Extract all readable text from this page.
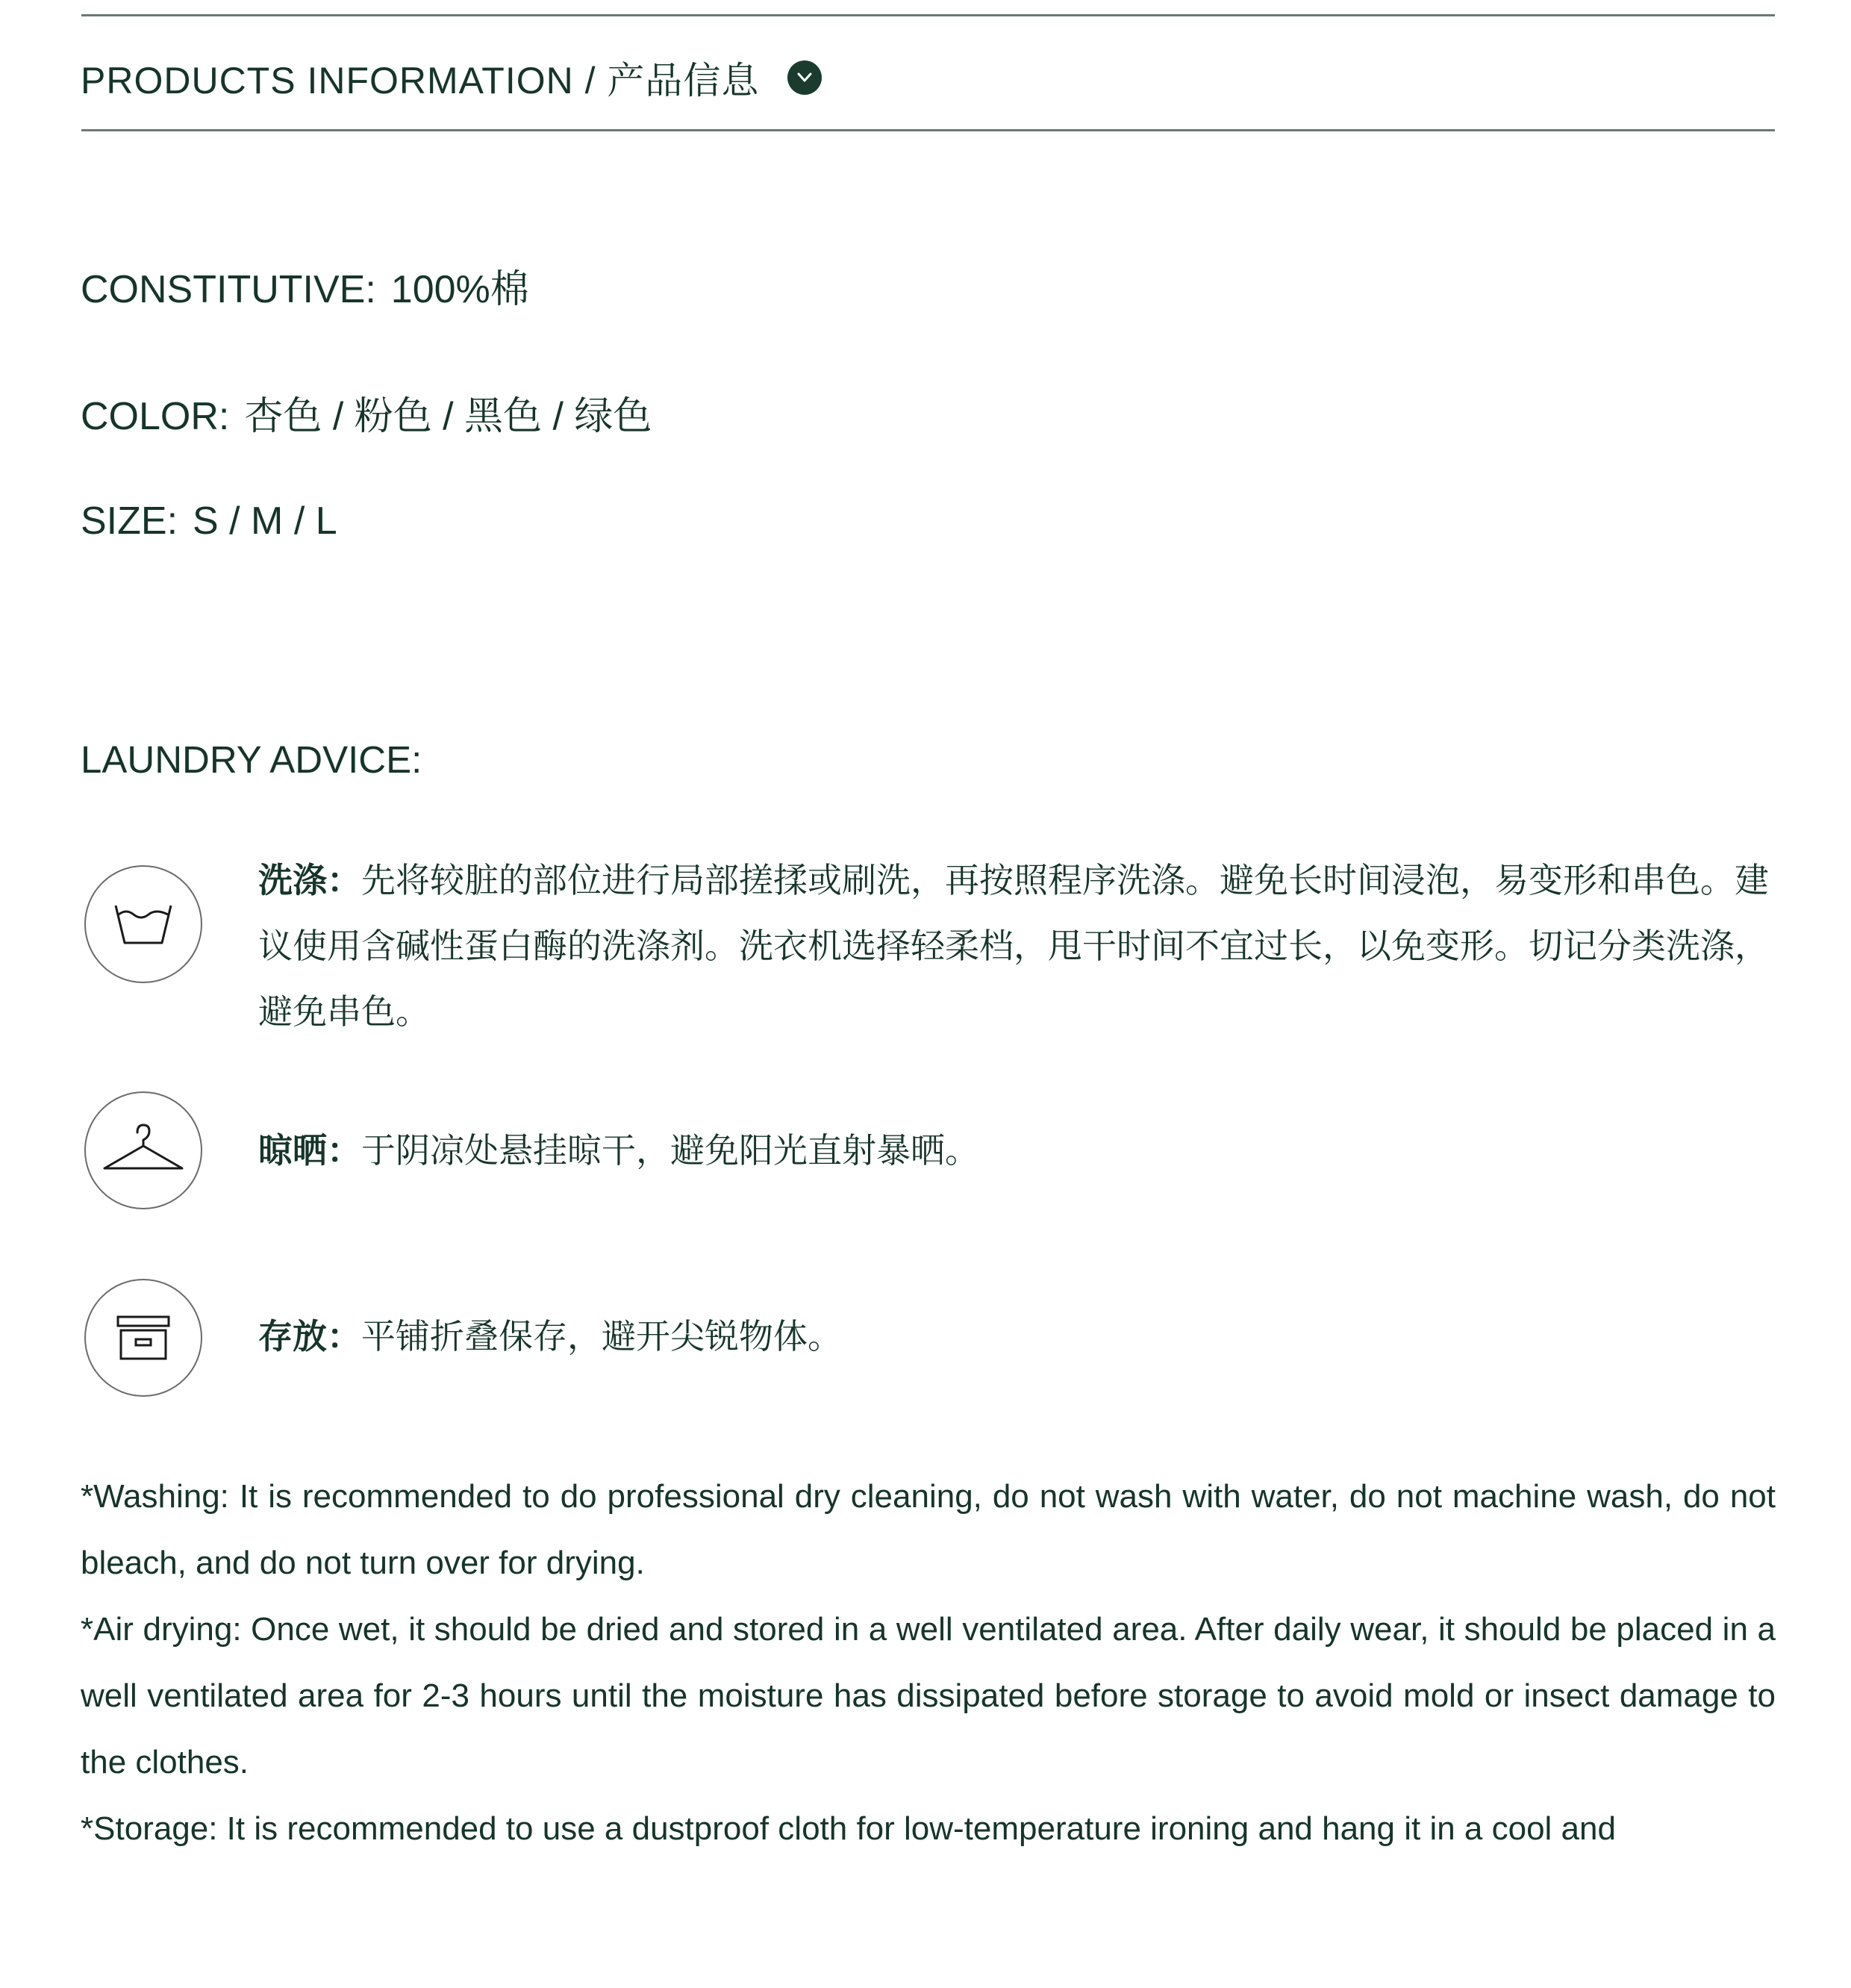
PRODUCTS INFORMATION / 产品信息
CONSTITUTIVE: 100%棉
COLOR: 杏色 / 粉色 / 黑色 / 绿色
SIZE: S / M / L
LAUNDRY ADVICE:
洗涤：先将较脏的部位进行局部搓揉或刷洗，再按照程序洗涤。避免长时间浸泡，易变形和串色。建议使用含碱性蛋白酶的洗涤剂。洗衣机选择轻柔档，甩干时间不宜过长，以免变形。切记分类洗涤，避免串色。
晾晒：于阴凉处悬挂晾干，避免阳光直射暴晒。
存放：平铺折叠保存，避开尖锐物体。

*Washing: It is recommended to do professional dry cleaning, do not wash with water, do not machine wash, do not bleach, and do not turn over for drying.

*Air drying: Once wet, it should be dried and stored in a well ventilated area. After daily wear, it should be placed in a well ventilated area for 2-3 hours until the moisture has dissipated before storage to avoid mold or insect damage to the clothes.

*Storage: It is recommended to use a dustproof cloth for low-temperature ironing and hang it in a cool and
